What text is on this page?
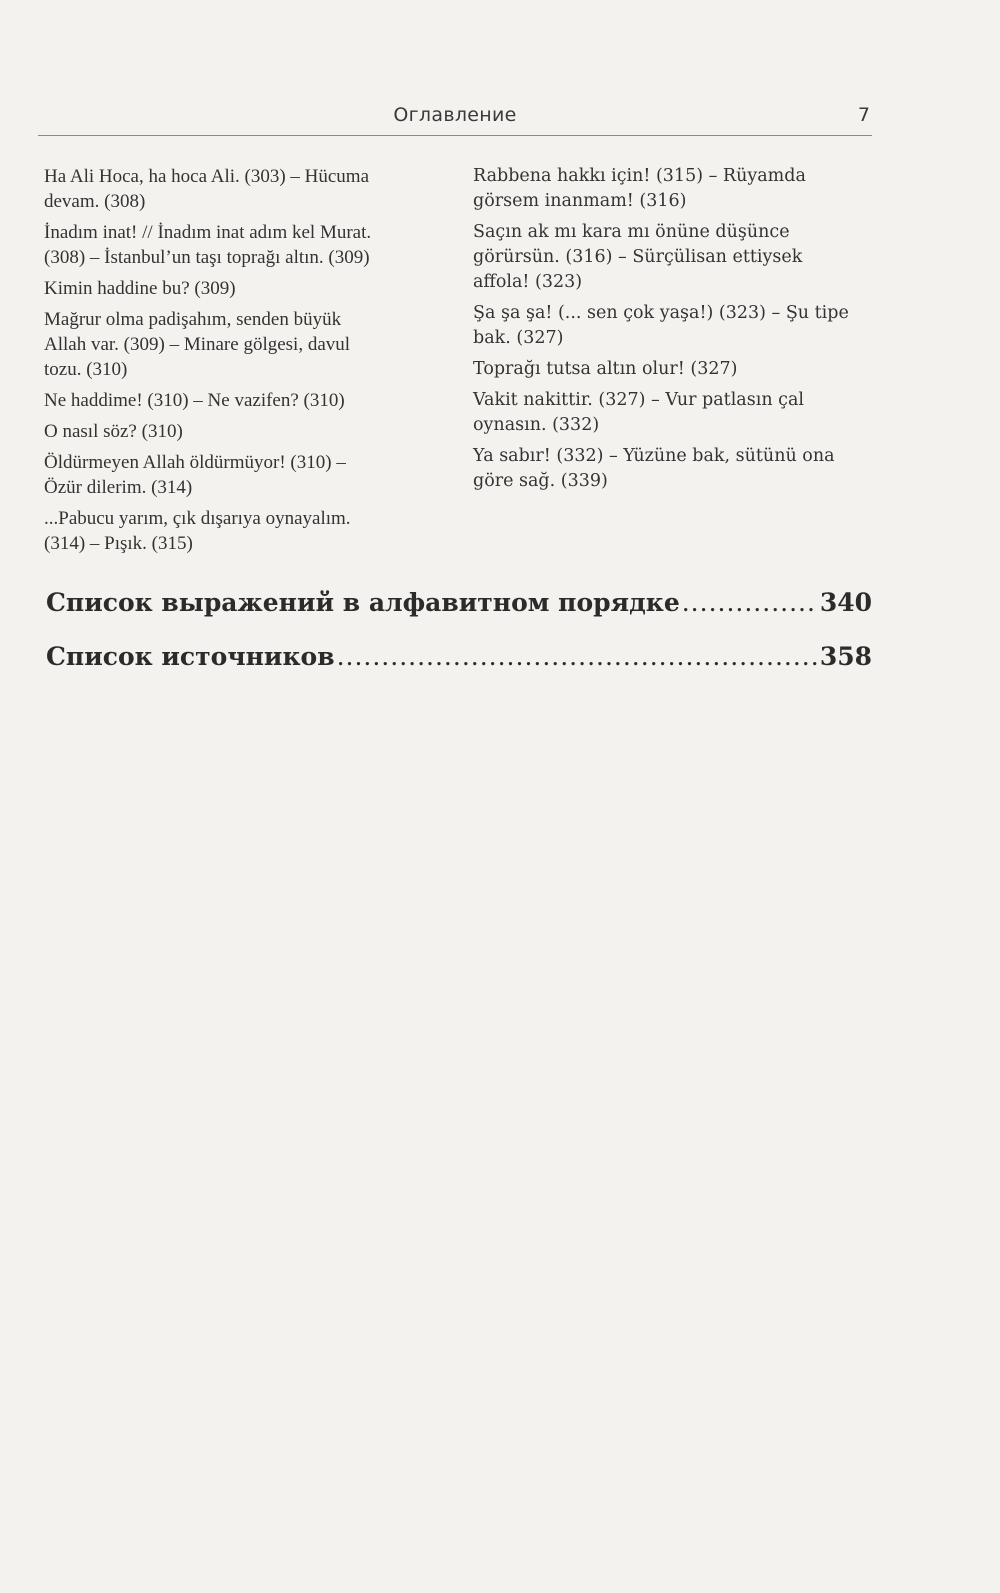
Оглавление	7
Ha Ali Hoca, ha hoca Ali. (303) – Hücuma
devam. (308)
İnadım inat! // İnadım inat adım kel Murat.
(308) – İstanbul’un taşı toprağı altın. (309)
Kimin haddine bu? (309)
Mağrur olma padişahım, senden büyük
Allah var. (309) – Minare gölgesi, davul
tozu. (310)
Ne haddime! (310) – Ne vazifen? (310)
O nasıl söz? (310)
Öldürmeyen Allah öldürmüyor! (310) –
Özür dilerim. (314)
...Pabucu yarım, çık dışarıya oynayalım.
(314) – Pışık. (315)
Rabbena hakkı için! (315) – Rüyamda
görsem inanmam! (316)
Saçın ak mı kara mı önüne düşünce
görürsün. (316) – Sürçülisan ettiysek
affola! (323)
Şa şa şa! (... sen çok yaşa!) (323) – Şu tipe
bak. (327)
Toprağı tutsa altın olur! (327)
Vakit nakittir. (327) – Vur patlasın çal
oynasın. (332)
Ya sabır! (332) – Yüzüne bak, sütünü ona
göre sağ. (339)
Список выражений в алфавитном порядке .....	340
Список источников .....	358
